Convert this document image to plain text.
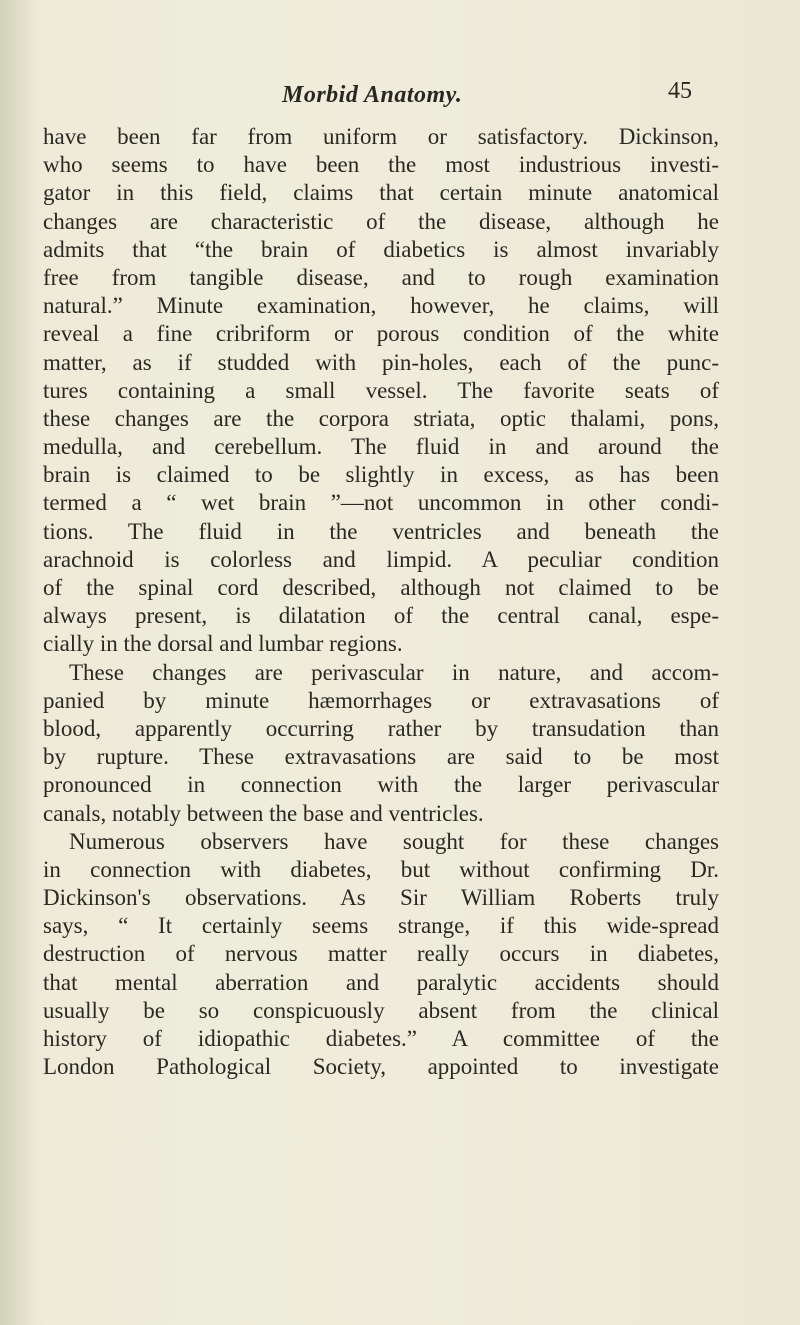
Morbid Anatomy.	45
have been far from uniform or satisfactory. Dickinson,
who seems to have been the most industrious investi-
gator in this field, claims that certain minute anatomical
changes are characteristic of the disease, although he
admits that “the brain of diabetics is almost invariably
free from tangible disease, and to rough examination
natural.” Minute examination, however, he claims, will
reveal a fine cribriform or porous condition of the white
matter, as if studded with pin-holes, each of the punc-
tures containing a small vessel. The favorite seats of
these changes are the corpora striata, optic thalami, pons,
medulla, and cerebellum. The fluid in and around the
brain is claimed to be slightly in excess, as has been
termed a “ wet brain ”—not uncommon in other condi-
tions. The fluid in the ventricles and beneath the
arachnoid is colorless and limpid. A peculiar condition
of the spinal cord described, although not claimed to be
always present, is dilatation of the central canal, espe-
cially in the dorsal and lumbar regions.
These changes are perivascular in nature, and accom-
panied by minute hæmorrhages or extravasations of
blood, apparently occurring rather by transudation than
by rupture. These extravasations are said to be most
pronounced in connection with the larger perivascular
canals, notably between the base and ventricles.
Numerous observers have sought for these changes
in connection with diabetes, but without confirming Dr.
Dickinson's observations. As Sir William Roberts truly
says, “ It certainly seems strange, if this wide-spread
destruction of nervous matter really occurs in diabetes,
that mental aberration and paralytic accidents should
usually be so conspicuously absent from the clinical
history of idiopathic diabetes.” A committee of the
London Pathological Society, appointed to investigate
